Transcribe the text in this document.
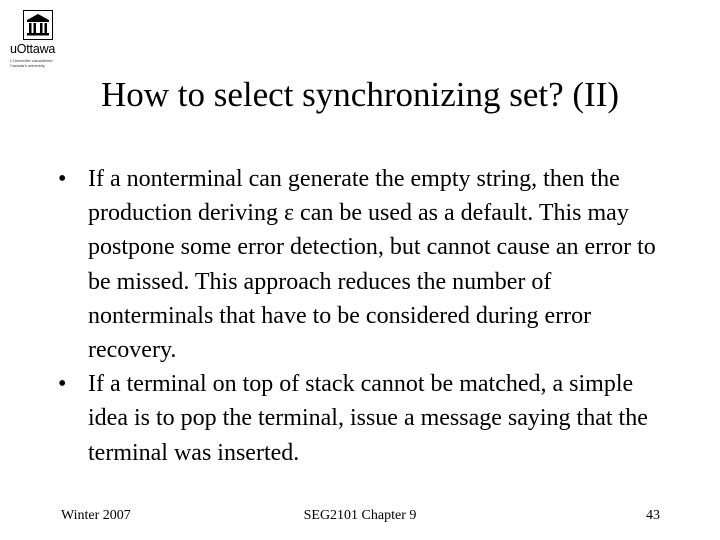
uOttawa
L'Université canadienne
Canada's university
How to select synchronizing set? (II)
• If a nonterminal can generate the empty string, then the production deriving ε can be used as a default. This may postpone some error detection, but cannot cause an error to be missed. This approach reduces the number of nonterminals that have to be considered during error recovery.
• If a terminal on top of stack cannot be matched, a simple idea is to pop the terminal, issue a message saying that the terminal was inserted.
Winter 2007	SEG2101 Chapter 9	43
